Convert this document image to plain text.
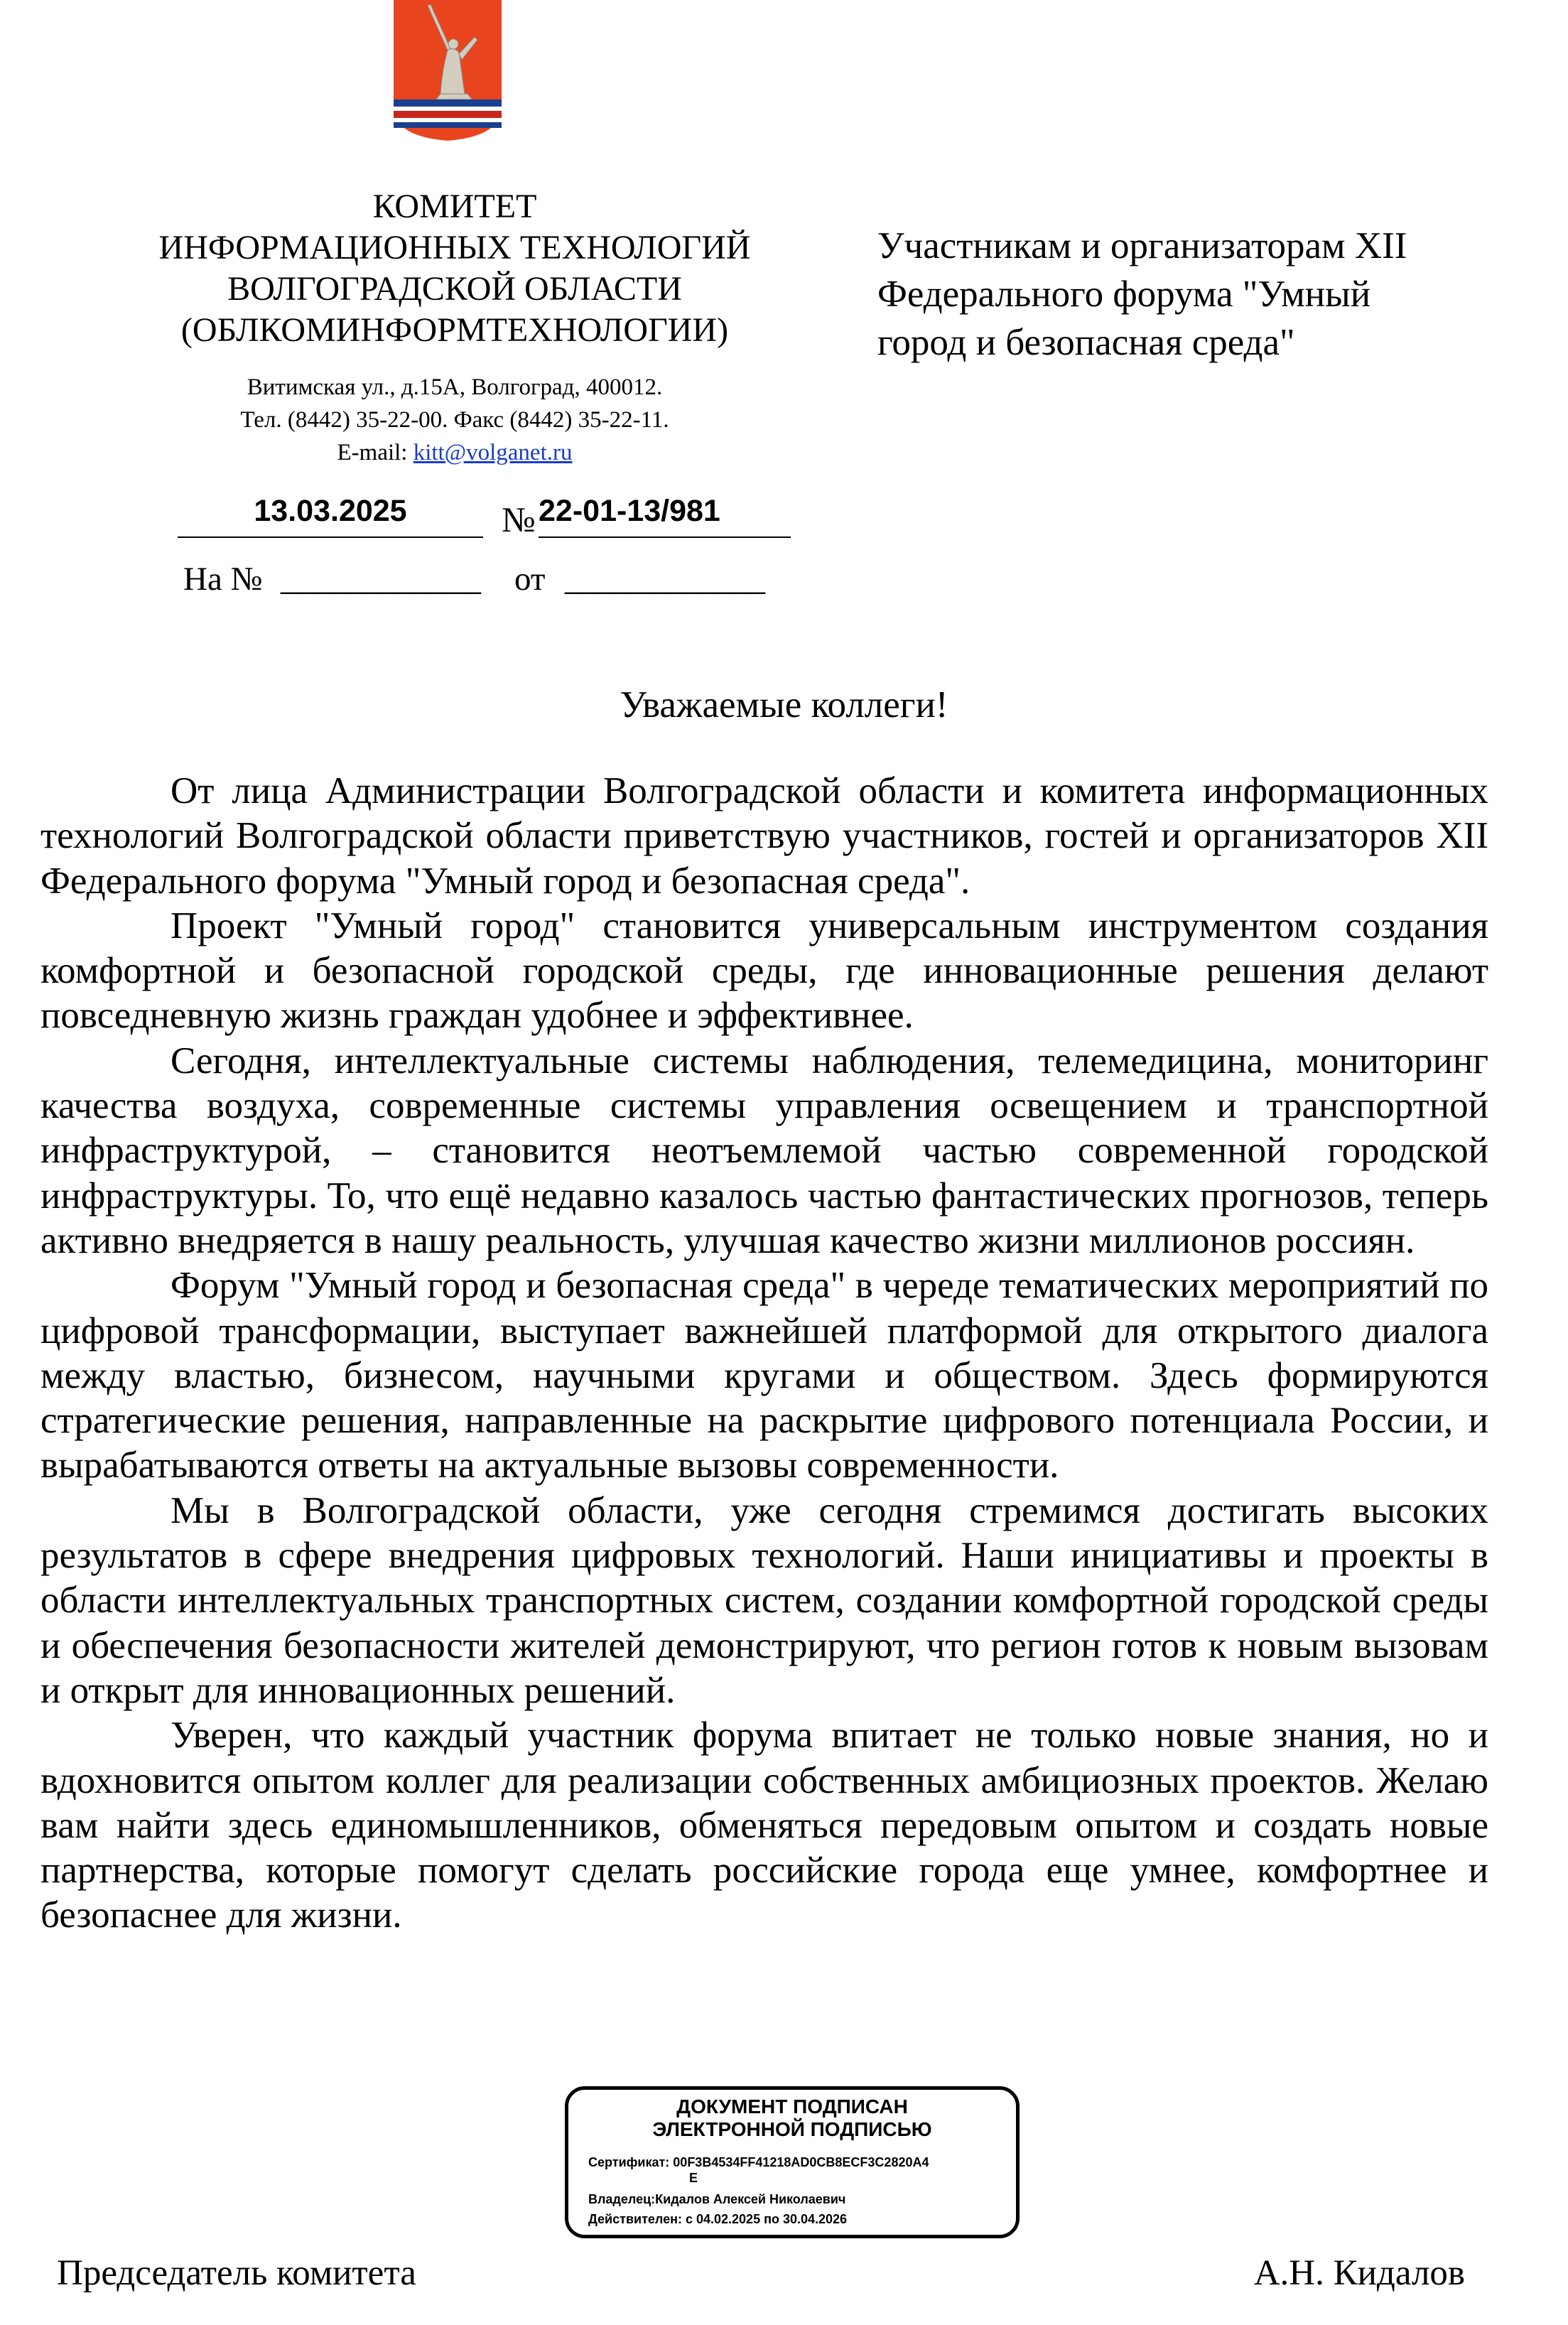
КОМИТЕТ
ИНФОРМАЦИОННЫХ ТЕХНОЛОГИЙ
ВОЛГОГРАДСКОЙ ОБЛАСТИ
(ОБЛКОМИНФОРМТЕХНОЛОГИИ)
Витимская ул., д.15А, Волгоград, 400012.
Тел. (8442) 35-22-00. Факс (8442) 35-22-11.
E-mail: kitt@volganet.ru
Участникам и организаторам XII
Федерального форума "Умный
город и безопасная среда"
13.03.2025	№ 22-01-13/981
На № ____________ от ____________
Уважаемые коллеги!

От лица Администрации Волгоградской области и комитета информационных технологий Волгоградской области приветствую участников, гостей и организаторов XII Федерального форума "Умный город и безопасная среда".

Проект "Умный город" становится универсальным инструментом создания комфортной и безопасной городской среды, где инновационные решения делают повседневную жизнь граждан удобнее и эффективнее.

Сегодня, интеллектуальные системы наблюдения, телемедицина, мониторинг качества воздуха, современные системы управления освещением и транспортной инфраструктурой, – становится неотъемлемой частью современной городской инфраструктуры. То, что ещё недавно казалось частью фантастических прогнозов, теперь активно внедряется в нашу реальность, улучшая качество жизни миллионов россиян.

Форум "Умный город и безопасная среда" в череде тематических мероприятий по цифровой трансформации, выступает важнейшей платформой для открытого диалога между властью, бизнесом, научными кругами и обществом. Здесь формируются стратегические решения, направленные на раскрытие цифрового потенциала России, и вырабатываются ответы на актуальные вызовы современности.

Мы в Волгоградской области, уже сегодня стремимся достигать высоких результатов в сфере внедрения цифровых технологий. Наши инициативы и проекты в области интеллектуальных транспортных систем, создании комфортной городской среды и обеспечения безопасности жителей демонстрируют, что регион готов к новым вызовам и открыт для инновационных решений.

Уверен, что каждый участник форума впитает не только новые знания, но и вдохновится опытом коллег для реализации собственных амбициозных проектов. Желаю вам найти здесь единомышленников, обменяться передовым опытом и создать новые партнерства, которые помогут сделать российские города еще умнее, комфортнее и безопаснее для жизни.

ДОКУМЕНТ ПОДПИСАН
ЭЛЕКТРОННОЙ ПОДПИСЬЮ
Сертификат: 00F3B4534FF41218AD0CB8ECF3C2820A4
E
Владелец:Кидалов Алексей Николаевич
Действителен: с 04.02.2025 по 30.04.2026
Председатель комитета	А.Н. Кидалов
